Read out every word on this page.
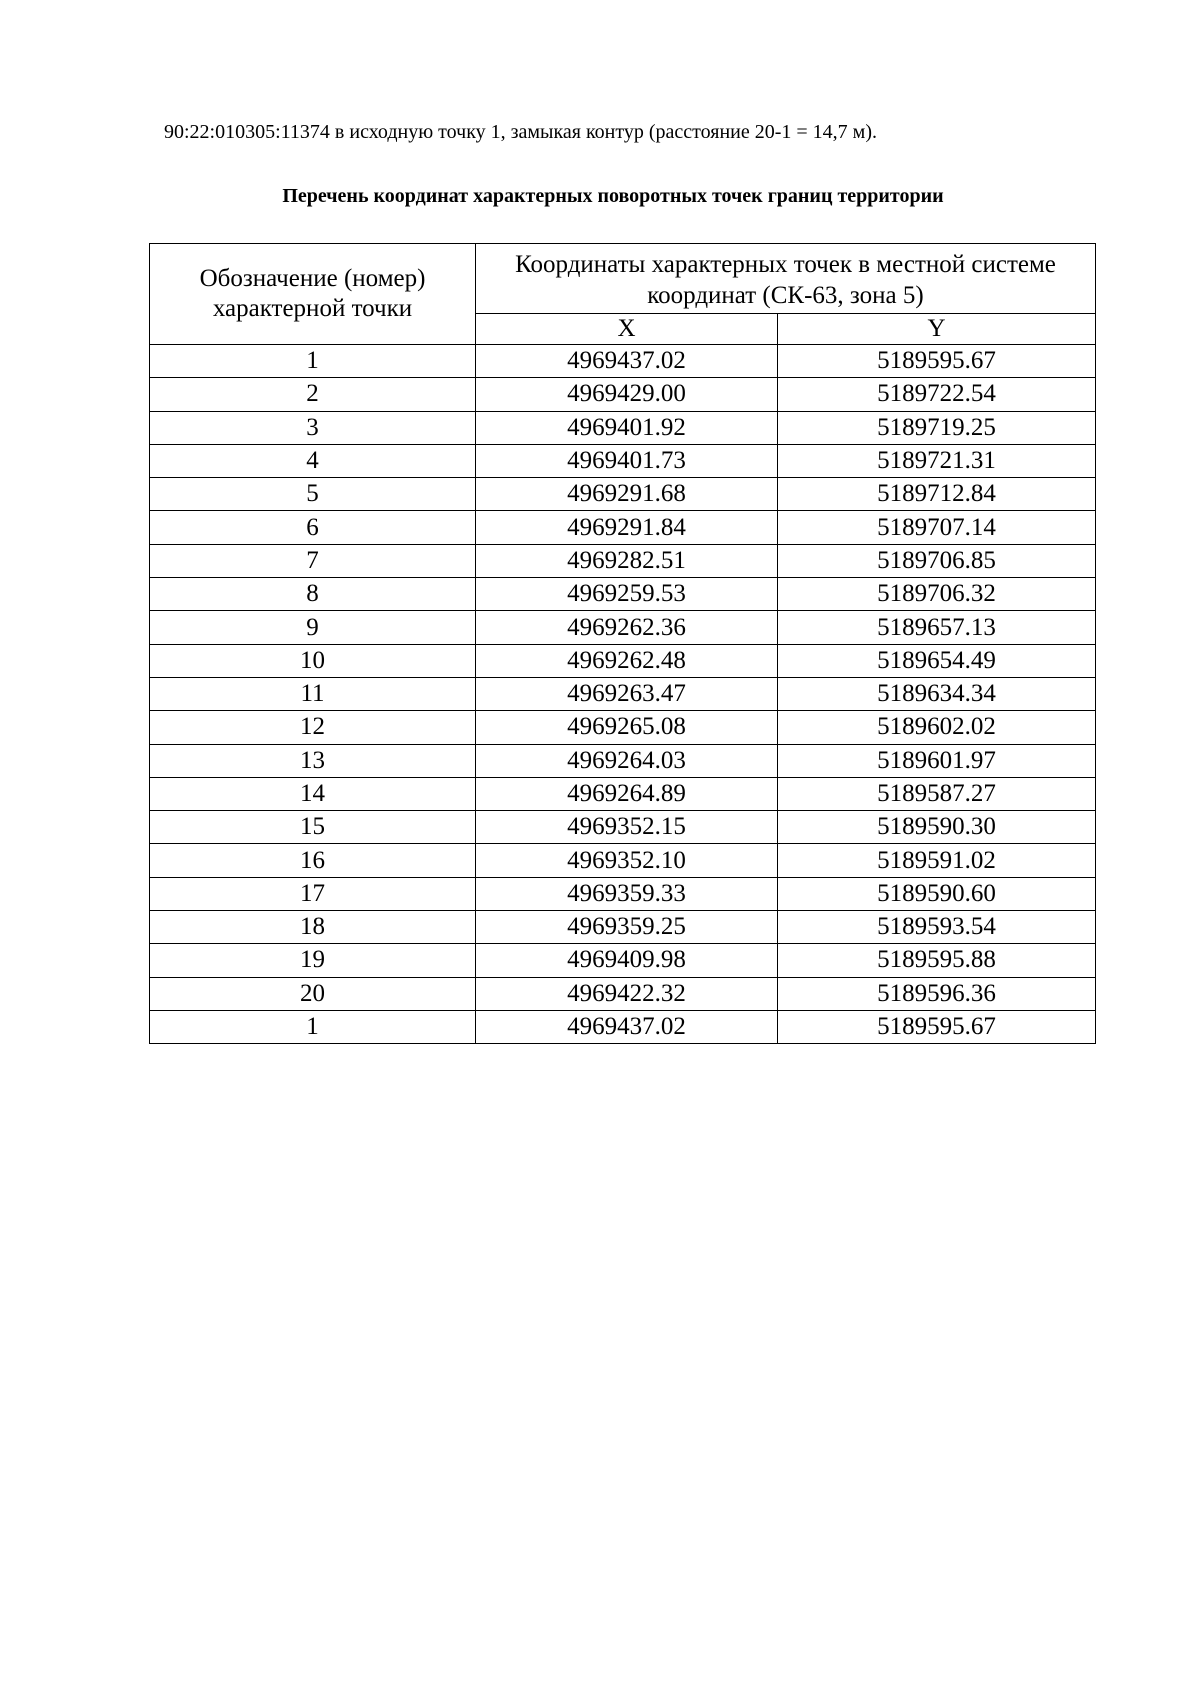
90:22:010305:11374 в исходную точку 1, замыкая контур (расстояние 20-1 = 14,7 м).
Перечень координат характерных поворотных точек границ территории
Обозначение (номер) характерной точки	Координаты характерных точек в местной системе координат (СК-63, зона 5)	
	X	Y
1	4969437.02	5189595.67
2	4969429.00	5189722.54
3	4969401.92	5189719.25
4	4969401.73	5189721.31
5	4969291.68	5189712.84
6	4969291.84	5189707.14
7	4969282.51	5189706.85
8	4969259.53	5189706.32
9	4969262.36	5189657.13
10	4969262.48	5189654.49
11	4969263.47	5189634.34
12	4969265.08	5189602.02
13	4969264.03	5189601.97
14	4969264.89	5189587.27
15	4969352.15	5189590.30
16	4969352.10	5189591.02
17	4969359.33	5189590.60
18	4969359.25	5189593.54
19	4969409.98	5189595.88
20	4969422.32	5189596.36
1	4969437.02	5189595.67
